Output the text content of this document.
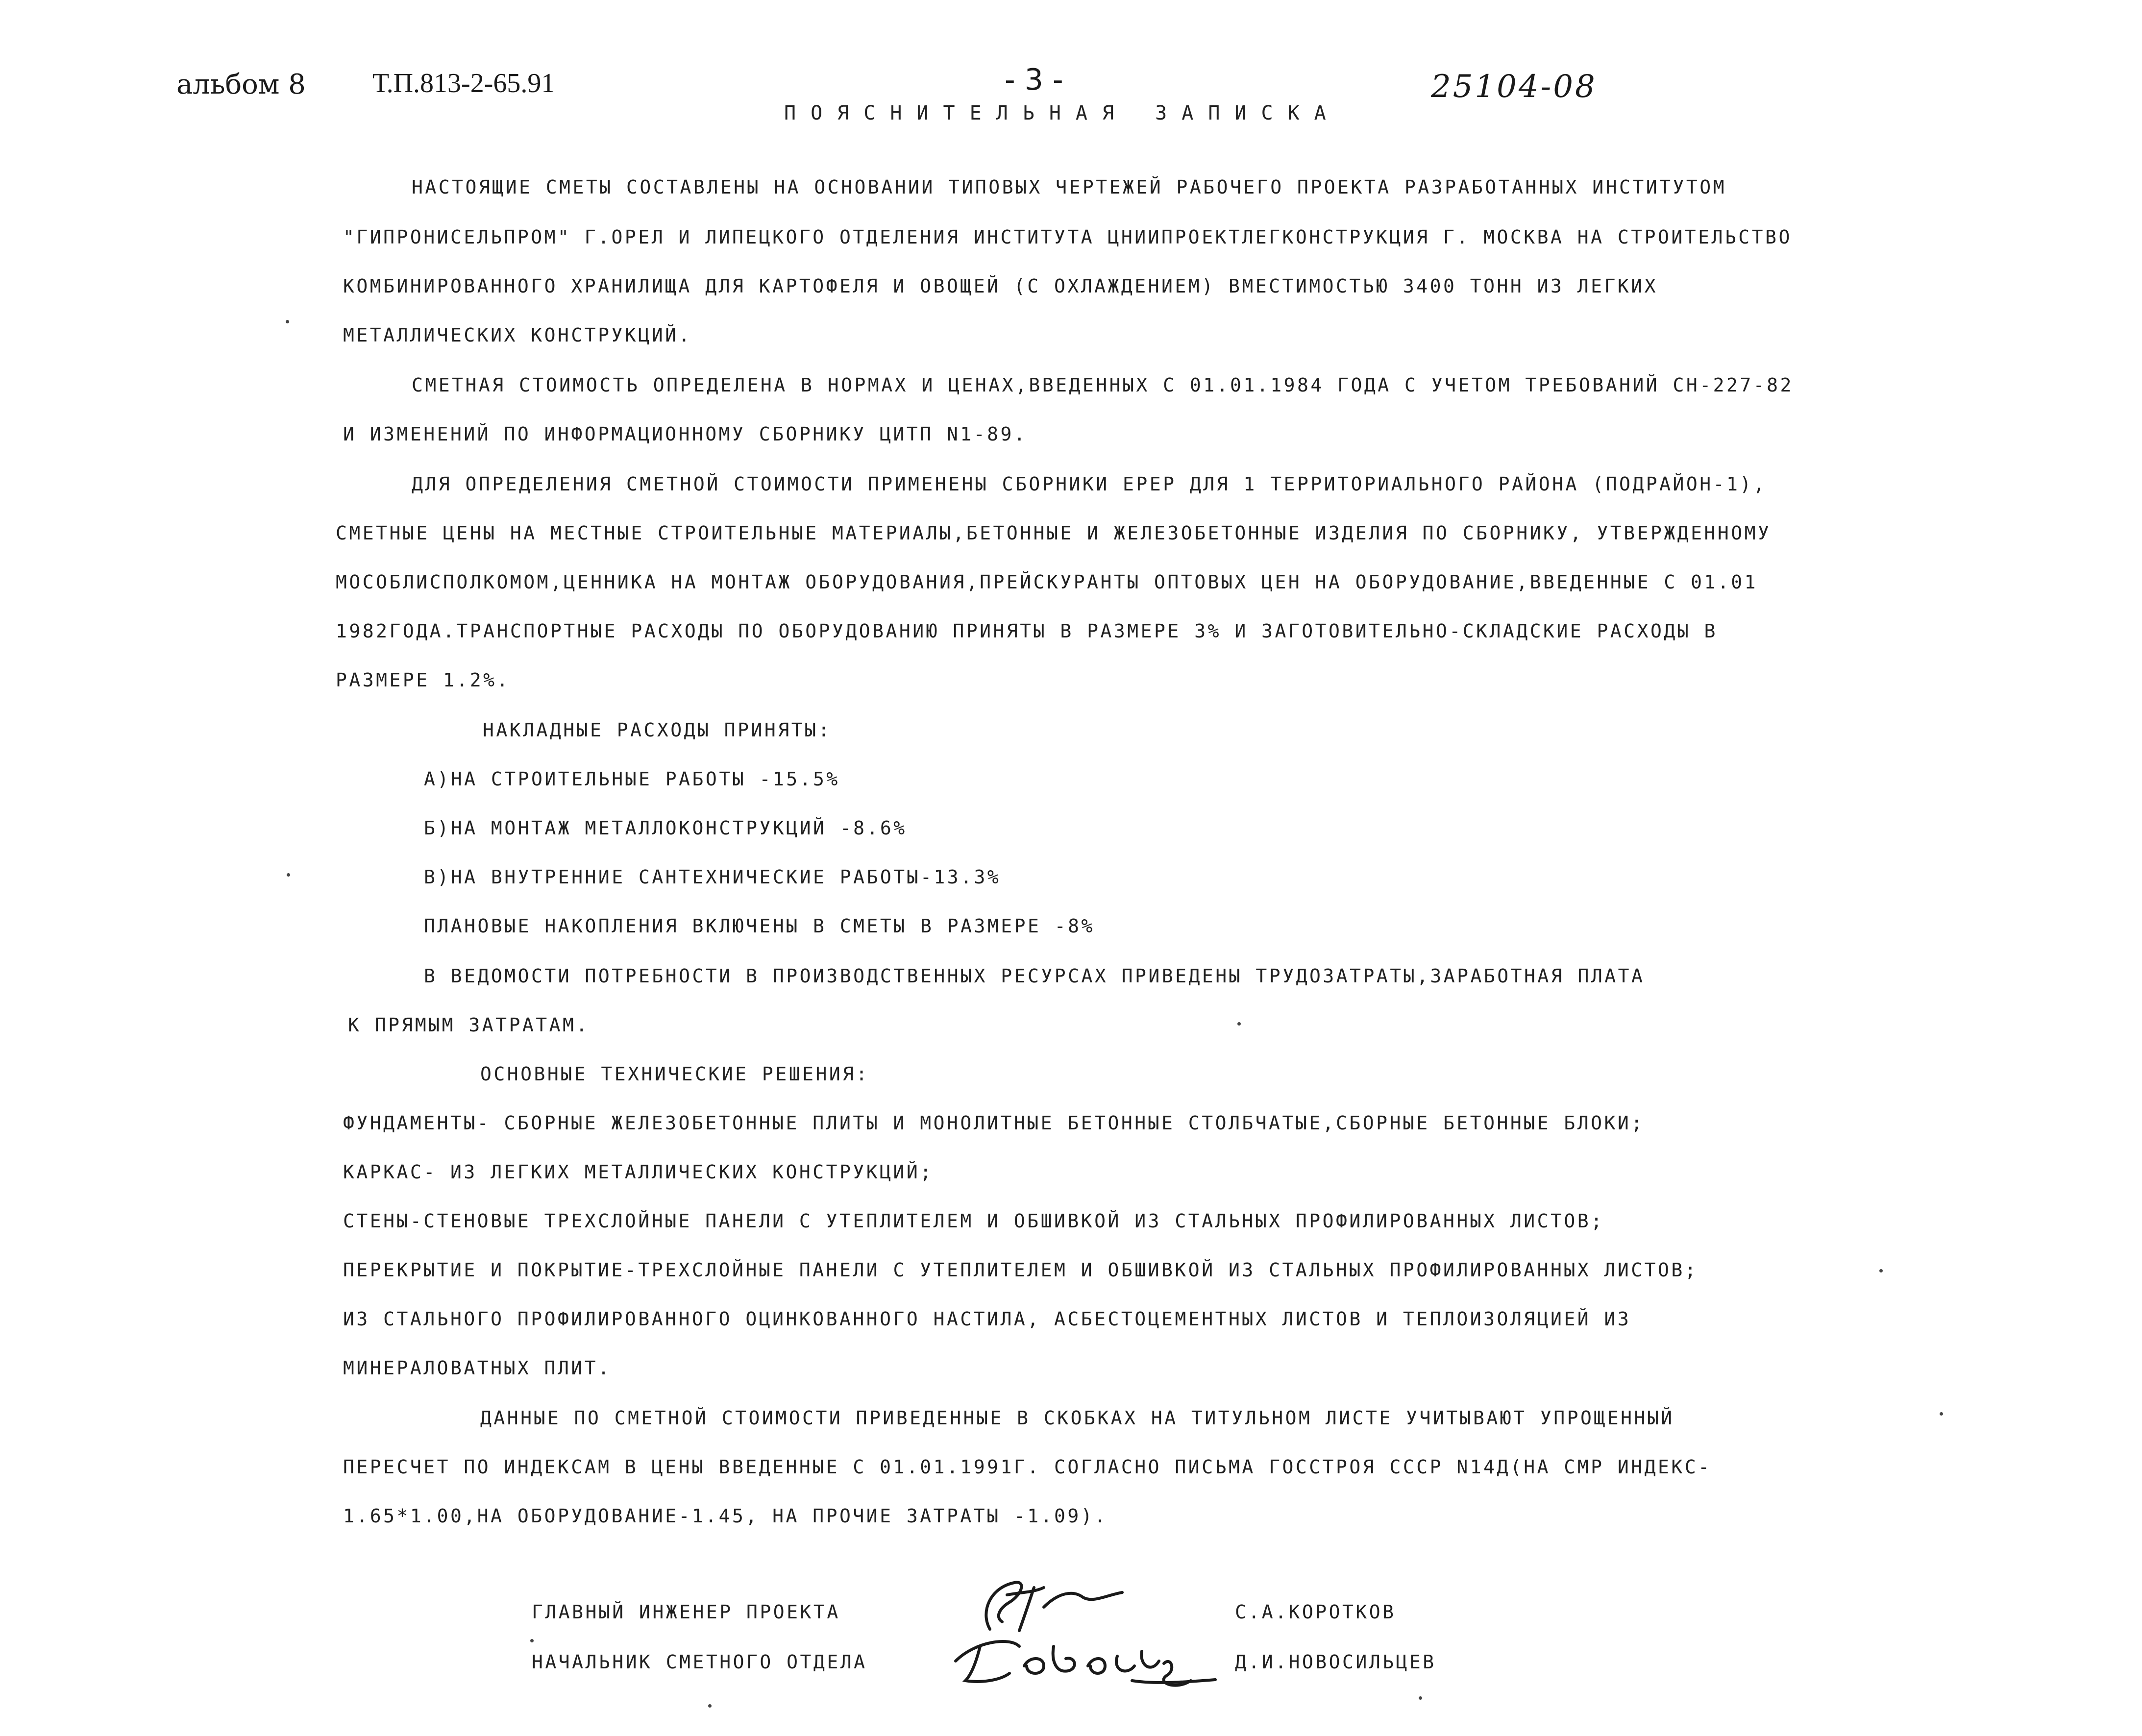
альбом 8 Т.П.813-2-65.91	- 3 -	25104-08
ПОЯСНИТЕЛЬНАЯ ЗАПИСКА
НАСТОЯЩИЕ СМЕТЫ СОСТАВЛЕНЫ НА ОСНОВАНИИ ТИПОВЫХ ЧЕРТЕЖЕЙ РАБОЧЕГО ПРОЕКТА РАЗРАБОТАННЫХ ИНСТИТУТОМ
"ГИПРОНИСЕЛЬПРОМ" Г.ОРЕЛ И ЛИПЕЦКОГО ОТДЕЛЕНИЯ ИНСТИТУТА ЦНИИПРОЕКТЛЕГКОНСТРУКЦИЯ Г. МОСКВА НА СТРОИТЕЛЬСТВО
КОМБИНИРОВАННОГО ХРАНИЛИЩА ДЛЯ КАРТОФЕЛЯ И ОВОЩЕЙ (С ОХЛАЖДЕНИЕМ) ВМЕСТИМОСТЬЮ 3400 ТОНН ИЗ ЛЕГКИХ
МЕТАЛЛИЧЕСКИХ КОНСТРУКЦИЙ.
СМЕТНАЯ СТОИМОСТЬ ОПРЕДЕЛЕНА В НОРМАХ И ЦЕНАХ,ВВЕДЕННЫХ С 01.01.1984 ГОДА С УЧЕТОМ ТРЕБОВАНИЙ СН-227-82
И ИЗМЕНЕНИЙ ПО ИНФОРМАЦИОННОМУ СБОРНИКУ ЦИТП N1-89.
ДЛЯ ОПРЕДЕЛЕНИЯ СМЕТНОЙ СТОИМОСТИ ПРИМЕНЕНЫ СБОРНИКИ ЕРЕР ДЛЯ 1 ТЕРРИТОРИАЛЬНОГО РАЙОНА (ПОДРАЙОН-1),
СМЕТНЫЕ ЦЕНЫ НА МЕСТНЫЕ СТРОИТЕЛЬНЫЕ МАТЕРИАЛЫ,БЕТОННЫЕ И ЖЕЛЕЗОБЕТОННЫЕ ИЗДЕЛИЯ ПО СБОРНИКУ, УТВЕРЖДЕННОМУ
МОСОБЛИСПОЛКОМОМ,ЦЕННИКА НА МОНТАЖ ОБОРУДОВАНИЯ,ПРЕЙСКУРАНТЫ ОПТОВЫХ ЦЕН НА ОБОРУДОВАНИЕ,ВВЕДЕННЫЕ С 01.01
1982ГОДА.ТРАНСПОРТНЫЕ РАСХОДЫ ПО ОБОРУДОВАНИЮ ПРИНЯТЫ В РАЗМЕРЕ 3% И ЗАГОТОВИТЕЛЬНО-СКЛАДСКИЕ РАСХОДЫ В
РАЗМЕРЕ 1.2%.
НАКЛАДНЫЕ РАСХОДЫ ПРИНЯТЫ:
А)НА СТРОИТЕЛЬНЫЕ РАБОТЫ -15.5%
Б)НА МОНТАЖ МЕТАЛЛОКОНСТРУКЦИЙ -8.6%
В)НА ВНУТРЕННИЕ САНТЕХНИЧЕСКИЕ РАБОТЫ-13.3%
ПЛАНОВЫЕ НАКОПЛЕНИЯ ВКЛЮЧЕНЫ В СМЕТЫ В РАЗМЕРЕ -8%
В ВЕДОМОСТИ ПОТРЕБНОСТИ В ПРОИЗВОДСТВЕННЫХ РЕСУРСАХ ПРИВЕДЕНЫ ТРУДОЗАТРАТЫ,ЗАРАБОТНАЯ ПЛАТА
К ПРЯМЫМ ЗАТРАТАМ.
ОСНОВНЫЕ ТЕХНИЧЕСКИЕ РЕШЕНИЯ:
ФУНДАМЕНТЫ- СБОРНЫЕ ЖЕЛЕЗОБЕТОННЫЕ ПЛИТЫ И МОНОЛИТНЫЕ БЕТОННЫЕ СТОЛБЧАТЫЕ,СБОРНЫЕ БЕТОННЫЕ БЛОКИ;
КАРКАС- ИЗ ЛЕГКИХ МЕТАЛЛИЧЕСКИХ КОНСТРУКЦИЙ;
СТЕНЫ-СТЕНОВЫЕ ТРЕХСЛОЙНЫЕ ПАНЕЛИ С УТЕПЛИТЕЛЕМ И ОБШИВКОЙ ИЗ СТАЛЬНЫХ ПРОФИЛИРОВАННЫХ ЛИСТОВ;
ПЕРЕКРЫТИЕ И ПОКРЫТИЕ-ТРЕХСЛОЙНЫЕ ПАНЕЛИ С УТЕПЛИТЕЛЕМ И ОБШИВКОЙ ИЗ СТАЛЬНЫХ ПРОФИЛИРОВАННЫХ ЛИСТОВ;
ИЗ СТАЛЬНОГО ПРОФИЛИРОВАННОГО ОЦИНКОВАННОГО НАСТИЛА, АСБЕСТОЦЕМЕНТНЫХ ЛИСТОВ И ТЕПЛОИЗОЛЯЦИЕЙ ИЗ
МИНЕРАЛОВАТНЫХ ПЛИТ.
ДАННЫЕ ПО СМЕТНОЙ СТОИМОСТИ ПРИВЕДЕННЫЕ В СКОБКАХ НА ТИТУЛЬНОМ ЛИСТЕ УЧИТЫВАЮТ УПРОЩЕННЫЙ
ПЕРЕСЧЕТ ПО ИНДЕКСАМ В ЦЕНЫ ВВЕДЕННЫЕ С 01.01.1991Г. СОГЛАСНО ПИСЬМА ГОССТРОЯ СССР N14Д(НА СМР ИНДЕКС-
1.65*1.00,НА ОБОРУДОВАНИЕ-1.45, НА ПРОЧИЕ ЗАТРАТЫ -1.09).
ГЛАВНЫЙ ИНЖЕНЕР ПРОЕКТА	С.А.КОРОТКОВ
НАЧАЛЬНИК СМЕТНОГО ОТДЕЛА	Д.И.НОВОСИЛЬЦЕВ
